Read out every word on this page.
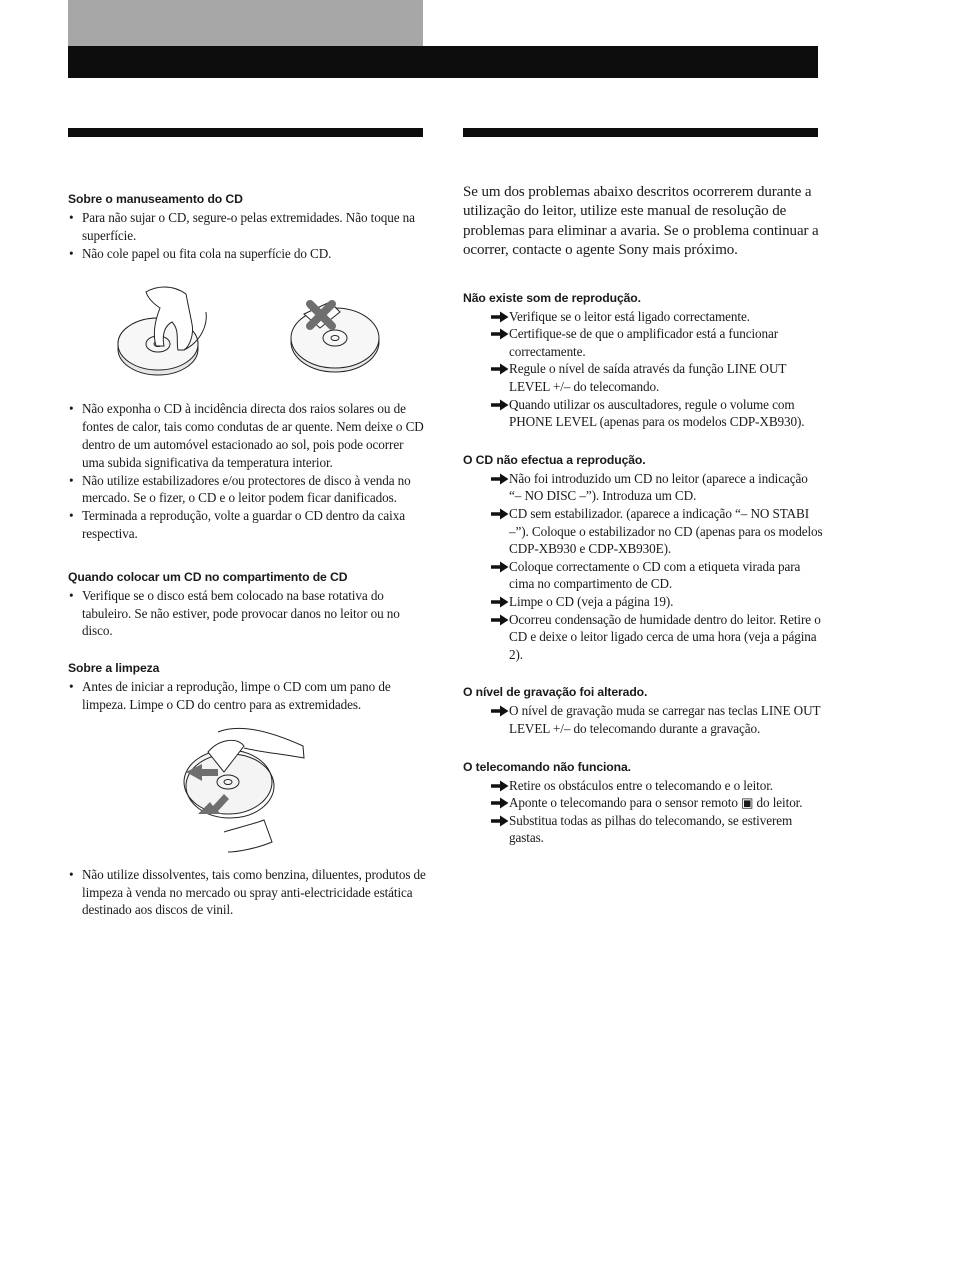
Sobre o manuseamento do CD
• Para não sujar o CD, segure-o pelas extremidades. Não toque na superfície.
• Não cole papel ou fita cola na superfície do CD.
• Não exponha o CD à incidência directa dos raios solares ou de fontes de calor, tais como condutas de ar quente. Nem deixe o CD dentro de um automóvel estacionado ao sol, pois pode ocorrer uma subida significativa da temperatura interior.
• Não utilize estabilizadores e/ou protectores de disco à venda no mercado. Se o fizer, o CD e o leitor podem ficar danificados.
• Terminada a reprodução, volte a guardar o CD dentro da caixa respectiva.
Quando colocar um CD no compartimento de CD
• Verifique se o disco está bem colocado na base rotativa do tabuleiro. Se não estiver, pode provocar danos no leitor ou no disco.
Sobre a limpeza
• Antes de iniciar a reprodução, limpe o CD com um pano de limpeza. Limpe o CD do centro para as extremidades.
• Não utilize dissolventes, tais como benzina, diluentes, produtos de limpeza à venda no mercado ou spray anti-electricidade estática destinado aos discos de vinil.

Se um dos problemas abaixo descritos ocorrerem durante a utilização do leitor, utilize este manual de resolução de problemas para eliminar a avaria. Se o problema continuar a ocorrer, contacte o agente Sony mais próximo.

Não existe som de reprodução.
Verifique se o leitor está ligado correctamente.
Certifique-se de que o amplificador está a funcionar correctamente.
Regule o nível de saída através da função LINE OUT LEVEL +/– do telecomando.
Quando utilizar os auscultadores, regule o volume com PHONE LEVEL (apenas para os modelos CDP-XB930).
O CD não efectua a reprodução.
Não foi introduzido um CD no leitor (aparece a indicação “– NO DISC –”). Introduza um CD.
CD sem estabilizador. (aparece a indicação “– NO STABI –”). Coloque o estabilizador no CD (apenas para os modelos CDP-XB930 e CDP-XB930E).
Coloque correctamente o CD com a etiqueta virada para cima no compartimento de CD.
Limpe o CD (veja a página 19).
Ocorreu condensação de humidade dentro do leitor. Retire o CD e deixe o leitor ligado cerca de uma hora (veja a página 2).
O nível de gravação foi alterado.
O nível de gravação muda se carregar nas teclas LINE OUT LEVEL +/– do telecomando durante a gravação.
O telecomando não funciona.
Retire os obstáculos entre o telecomando e o leitor.
Aponte o telecomando para o sensor remoto ▣ do leitor.
Substitua todas as pilhas do telecomando, se estiverem gastas.
